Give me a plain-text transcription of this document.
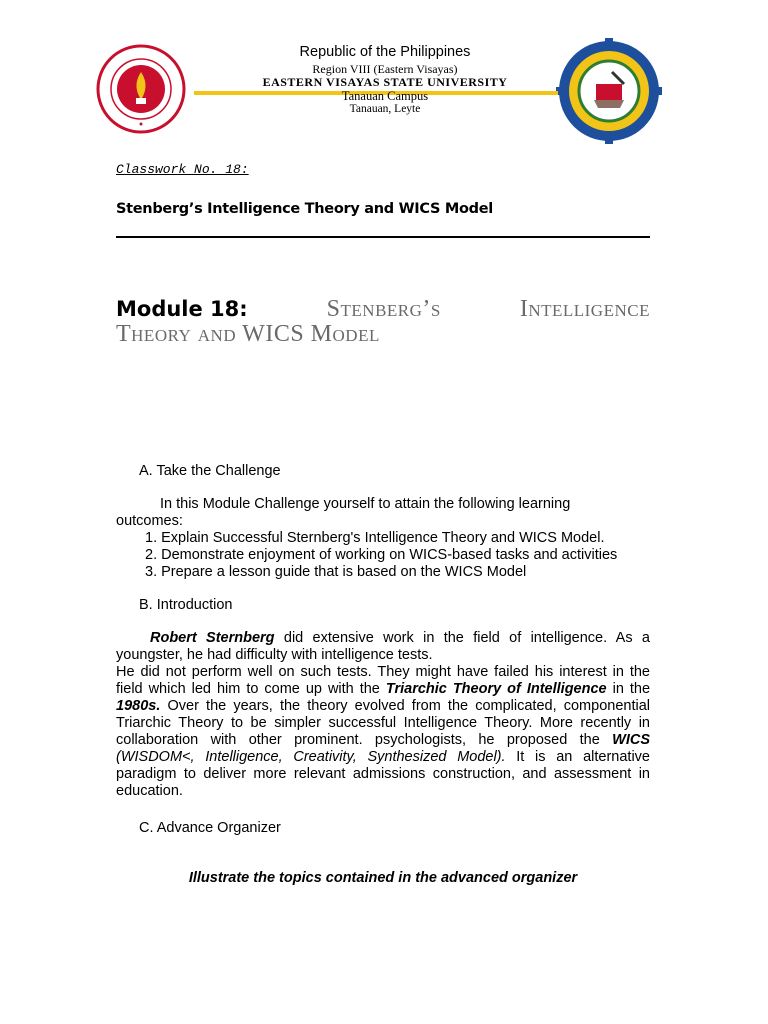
Republic of the Philippines
Region VIII (Eastern Visayas)
EASTERN VISAYAS STATE UNIVERSITY
Tanauan Campus
Tanauan, Leyte
Classwork No. 18:
Stenberg’s Intelligence Theory and WICS Model
Module 18:	Stenberg’s	Intelligence
Theory and WICS Model
A. Take the Challenge
In this Module Challenge yourself to attain the following learning
outcomes:
1. Explain Successful Sternberg's Intelligence Theory and WICS Model.
2. Demonstrate enjoyment of working on WICS-based tasks and activities
3. Prepare a lesson guide that is based on the WICS Model
B. Introduction
Robert Sternberg did extensive work in the field of intelligence. As a youngster, he had difficulty with intelligence tests.
He did not perform well on such tests. They might have failed his interest in the field which led him to come up with the Triarchic Theory of Intelligence in the 1980s. Over the years, the theory evolved from the complicated, componential Triarchic Theory to be simpler successful Intelligence Theory. More recently in collaboration with other prominent. psychologists, he proposed the WICS (WISDOM<, Intelligence, Creativity, Synthesized Model). It is an alternative paradigm to deliver more relevant admissions construction, and assessment in education.
C. Advance Organizer
Illustrate the topics contained in the advanced organizer
